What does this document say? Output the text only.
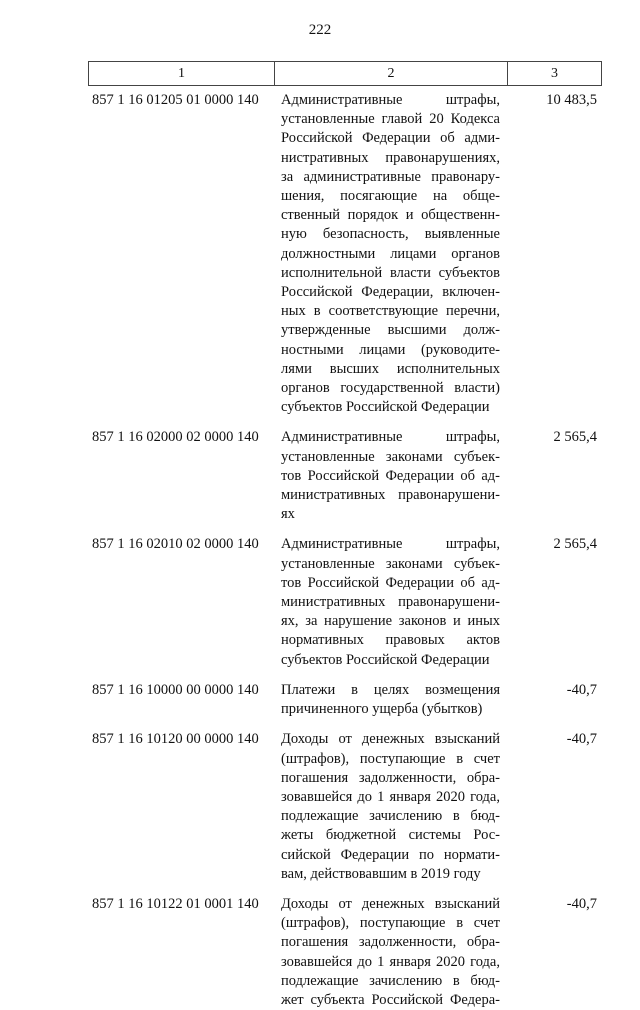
222
1	2	3
857 1 16 01205 01 0000 140 Административные штрафы,
установленные главой 20 Кодекса
Российской Федерации об адми-
нистративных правонарушениях,
за административные правонару-
шения, посягающие на обще-
ственный порядок и общественн-
ную безопасность, выявленные
должностными лицами органов
исполнительной власти субъектов
Российской Федерации, включен-
ных в соответствующие перечни,
утвержденные высшими долж-
ностными лицами (руководите-
лями высших исполнительных
органов государственной власти)
субъектов Российской Федерации
10 483,5
857 1 16 02000 02 0000 140 Административные штрафы,
установленные законами субъек-
тов Российской Федерации об ад-
министративных правонарушени-
ях
2 565,4
857 1 16 02010 02 0000 140 Административные штрафы,
установленные законами субъек-
тов Российской Федерации об ад-
министративных правонарушени-
ях, за нарушение законов и иных
нормативных правовых актов
субъектов Российской Федерации
2 565,4
857 1 16 10000 00 0000 140 Платежи в целях возмещения
причиненного ущерба (убытков)
-40,7
857 1 16 10120 00 0000 140 Доходы от денежных взысканий
(штрафов), поступающие в счет
погашения задолженности, обра-
зовавшейся до 1 января 2020 года,
подлежащие зачислению в бюд-
жеты бюджетной системы Рос-
сийской Федерации по нормати-
вам, действовавшим в 2019 году
-40,7
857 1 16 10122 01 0001 140 Доходы от денежных взысканий
(штрафов), поступающие в счет
погашения задолженности, обра-
зовавшейся до 1 января 2020 года,
подлежащие зачислению в бюд-
жет субъекта Российской Федера-
-40,7
